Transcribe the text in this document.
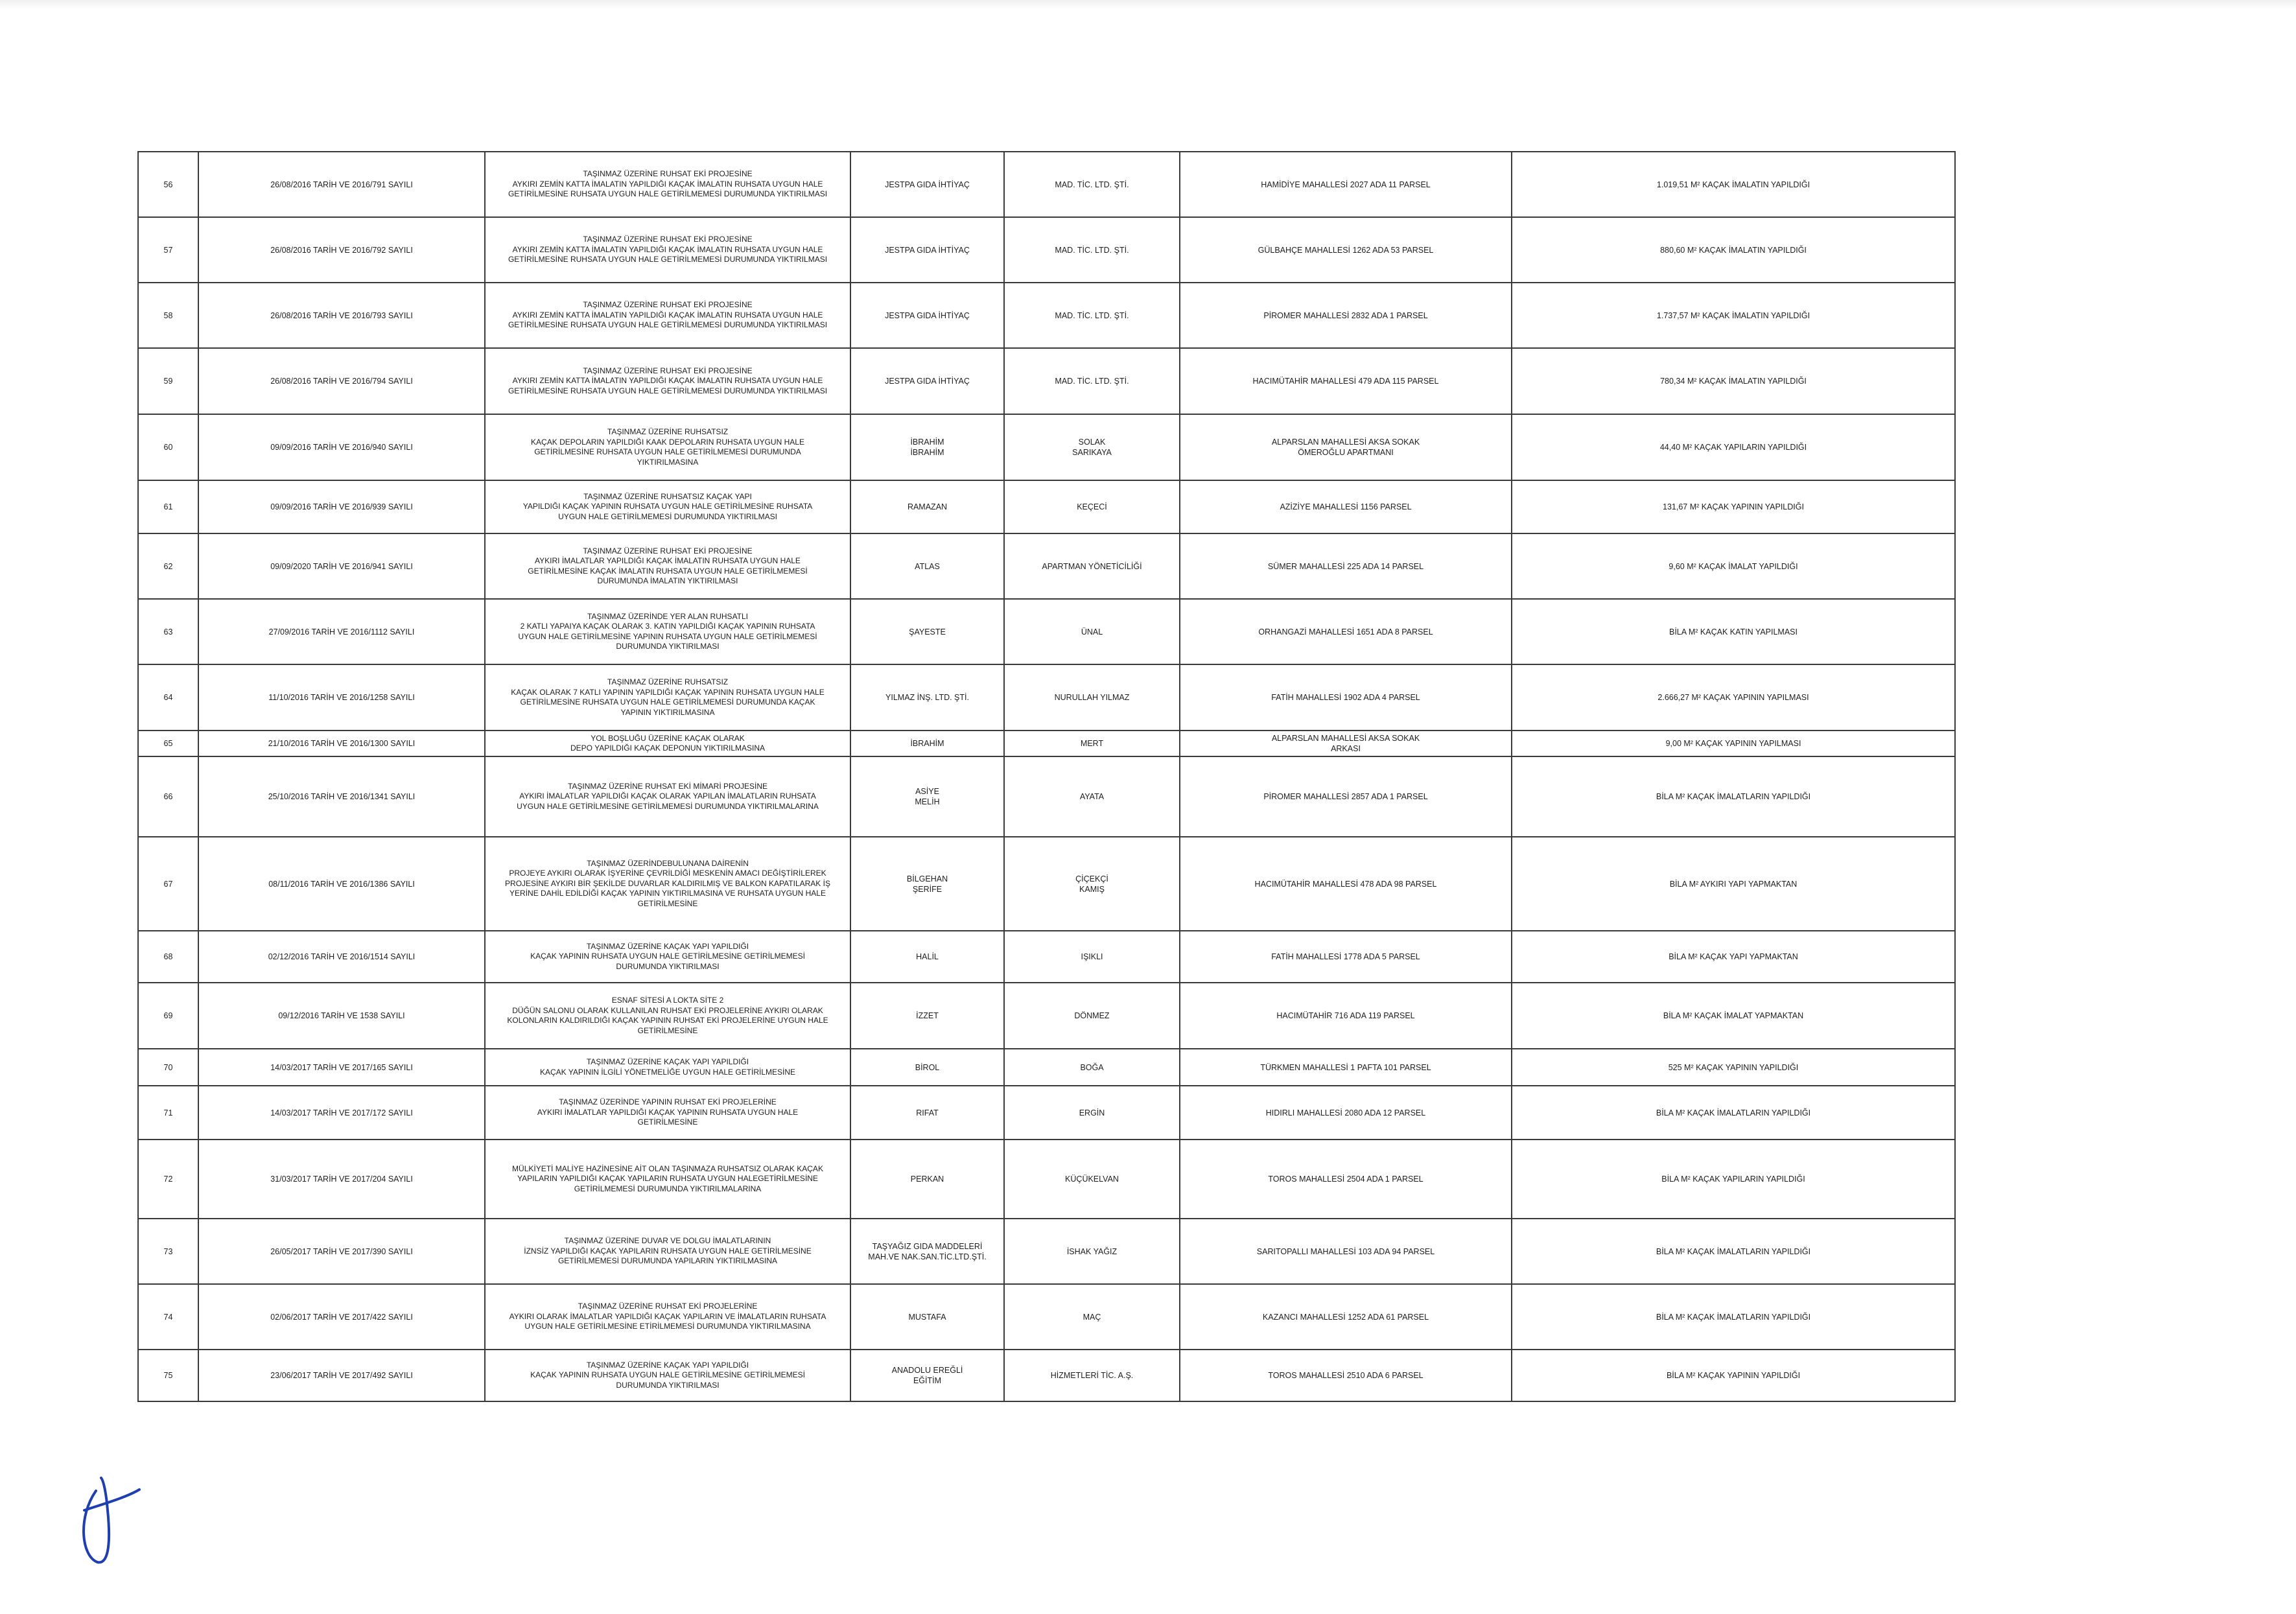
56	26/08/2016 TARİH VE 2016/791 SAYILI	TAŞINMAZ ÜZERİNE RUHSAT EKİ PROJESİNE
AYKIRI ZEMİN KATTA İMALATIN YAPILDIĞI KAÇAK İMALATIN RUHSATA UYGUN HALE
GETİRİLMESİNE RUHSATA UYGUN HALE GETİRİLMEMESİ DURUMUNDA YIKTIRILMASI	JESTPA GIDA İHTİYAÇ	MAD. TİC. LTD. ŞTİ.	HAMİDİYE MAHALLESİ 2027 ADA 11 PARSEL	1.019,51 M² KAÇAK İMALATIN YAPILDIĞI
57	26/08/2016 TARİH VE 2016/792 SAYILI	TAŞINMAZ ÜZERİNE RUHSAT EKİ PROJESİNE
AYKIRI ZEMİN KATTA İMALATIN YAPILDIĞI KAÇAK İMALATIN RUHSATA UYGUN HALE
GETİRİLMESİNE RUHSATA UYGUN HALE GETİRİLMEMESİ DURUMUNDA YIKTIRILMASI	JESTPA GIDA İHTİYAÇ	MAD. TİC. LTD. ŞTİ.	GÜLBAHÇE MAHALLESİ 1262 ADA 53 PARSEL	880,60 M² KAÇAK İMALATIN YAPILDIĞI
58	26/08/2016 TARİH VE 2016/793 SAYILI	TAŞINMAZ ÜZERİNE RUHSAT EKİ PROJESİNE
AYKIRI ZEMİN KATTA İMALATIN YAPILDIĞI KAÇAK İMALATIN RUHSATA UYGUN HALE
GETİRİLMESİNE RUHSATA UYGUN HALE GETİRİLMEMESİ DURUMUNDA YIKTIRILMASI	JESTPA GIDA İHTİYAÇ	MAD. TİC. LTD. ŞTİ.	PİROMER MAHALLESİ 2832 ADA 1 PARSEL	1.737,57 M² KAÇAK İMALATIN YAPILDIĞI
59	26/08/2016 TARİH VE 2016/794 SAYILI	TAŞINMAZ ÜZERİNE RUHSAT EKİ PROJESİNE
AYKIRI ZEMİN KATTA İMALATIN YAPILDIĞI KAÇAK İMALATIN RUHSATA UYGUN HALE
GETİRİLMESİNE RUHSATA UYGUN HALE GETİRİLMEMESİ DURUMUNDA YIKTIRILMASI	JESTPA GIDA İHTİYAÇ	MAD. TİC. LTD. ŞTİ.	HACIMÜTAHİR MAHALLESİ 479 ADA 115 PARSEL	780,34 M² KAÇAK İMALATIN YAPILDIĞI
60	09/09/2016 TARİH VE 2016/940 SAYILI	TAŞINMAZ ÜZERİNE RUHSATSIZ
KAÇAK DEPOLARIN YAPILDIĞI KAAK DEPOLARIN RUHSATA UYGUN HALE
GETİRİLMESİNE RUHSATA UYGUN HALE GETİRİLMEMESİ DURUMUNDA
YIKTIRILMASINA	İBRAHİM
İBRAHİM	SOLAK
SARIKAYA	ALPARSLAN MAHALLESİ AKSA SOKAK
ÖMEROĞLU APARTMANI	44,40 M² KAÇAK YAPILARIN YAPILDIĞI
61	09/09/2016 TARİH VE 2016/939 SAYILI	TAŞINMAZ ÜZERİNE RUHSATSIZ KAÇAK YAPI
YAPILDIĞI KAÇAK YAPININ RUHSATA UYGUN HALE GETİRİLMESİNE RUHSATA
UYGUN HALE GETİRİLMEMESİ DURUMUNDA YIKTIRILMASI	RAMAZAN	KEÇECİ	AZİZİYE MAHALLESİ 1156 PARSEL	131,67 M² KAÇAK YAPININ YAPILDIĞI
62	09/09/2020 TARİH VE 2016/941 SAYILI	TAŞINMAZ ÜZERİNE RUHSAT EKİ PROJESİNE
AYKIRI İMALATLAR YAPILDIĞI KAÇAK İMALATIN RUHSATA UYGUN HALE
GETİRİLMESİNE KAÇAK İMALATIN RUHSATA UYGUN HALE GETİRİLMEMESİ
DURUMUNDA İMALATIN YIKTIRILMASI	ATLAS	APARTMAN YÖNETİCİLİĞİ	SÜMER MAHALLESİ 225 ADA 14 PARSEL	9,60 M² KAÇAK İMALAT YAPILDIĞI
63	27/09/2016 TARİH VE 2016/1112 SAYILI	TAŞINMAZ ÜZERİNDE YER ALAN RUHSATLI
2 KATLI YAPAIYA KAÇAK OLARAK 3. KATIN YAPILDIĞI KAÇAK YAPININ RUHSATA
UYGUN HALE GETİRİLMESİNE YAPININ RUHSATA UYGUN HALE GETİRİLMEMESİ
DURUMUNDA YIKTIRILMASI	ŞAYESTE	ÜNAL	ORHANGAZİ MAHALLESİ 1651 ADA 8 PARSEL	BİLA M² KAÇAK KATIN YAPILMASI
64	11/10/2016 TARİH VE 2016/1258 SAYILI	TAŞINMAZ ÜZERİNE RUHSATSIZ
KAÇAK OLARAK 7 KATLI YAPININ YAPILDIĞI KAÇAK YAPININ RUHSATA UYGUN HALE
GETİRİLMESİNE RUHSATA UYGUN HALE GETİRİLMEMESİ DURUMUNDA KAÇAK
YAPININ YIKTIRILMASINA	YILMAZ İNŞ. LTD. ŞTİ.	NURULLAH YILMAZ	FATİH MAHALLESİ 1902 ADA 4 PARSEL	2.666,27 M² KAÇAK YAPININ YAPILMASI
65	21/10/2016 TARİH VE 2016/1300 SAYILI	YOL BOŞLUĞU ÜZERİNE KAÇAK OLARAK
DEPO YAPILDIĞI KAÇAK DEPONUN YIKTIRILMASINA	İBRAHİM	MERT	ALPARSLAN MAHALLESİ AKSA SOKAK
ARKASI	9,00 M² KAÇAK YAPININ YAPILMASI
66	25/10/2016 TARİH VE 2016/1341 SAYILI	TAŞINMAZ ÜZERİNE RUHSAT EKİ MİMARİ PROJESİNE
AYKIRI İMALATLAR YAPILDIĞI KAÇAK OLARAK YAPILAN İMALATLARIN RUHSATA
UYGUN HALE GETİRİLMESİNE GETİRİLMEMESİ DURUMUNDA YIKTIRILMALARINA	ASİYE
MELİH	AYATA	PİROMER MAHALLESİ 2857 ADA 1 PARSEL	BİLA M² KAÇAK İMALATLARIN YAPILDIĞI
67	08/11/2016 TARİH VE 2016/1386 SAYILI	TAŞINMAZ ÜZERİNDEBULUNANA DAİRENİN
PROJEYE AYKIRI OLARAK İŞYERİNE ÇEVRİLDİĞİ MESKENİN AMACI DEĞİŞTİRİLEREK
PROJESİNE AYKIRI BİR ŞEKİLDE DUVARLAR KALDIRILMIŞ VE BALKON KAPATILARAK İŞ
YERİNE DAHİL EDİLDİĞİ KAÇAK YAPININ YIKTIRILMASINA VE RUHSATA UYGUN HALE
GETİRİLMESİNE	BİLGEHAN
ŞERİFE	ÇİÇEKÇİ
KAMIŞ	HACIMÜTAHİR MAHALLESİ 478 ADA 98 PARSEL	BİLA M² AYKIRI YAPI YAPMAKTAN
68	02/12/2016 TARİH VE 2016/1514 SAYILI	TAŞINMAZ ÜZERİNE KAÇAK YAPI YAPILDIĞI
KAÇAK YAPININ RUHSATA UYGUN HALE GETİRİLMESİNE GETİRİLMEMESİ
DURUMUNDA YIKTIRILMASI	HALİL	IŞIKLI	FATİH MAHALLESİ 1778 ADA 5 PARSEL	BİLA M² KAÇAK YAPI YAPMAKTAN
69	09/12/2016 TARİH VE 1538 SAYILI	ESNAF SİTESİ A LOKTA SİTE 2
DÜĞÜN SALONU OLARAK KULLANILAN RUHSAT EKİ PROJELERİNE AYKIRI OLARAK
KOLONLARIN KALDIRILDIĞI KAÇAK YAPININ RUHSAT EKİ PROJELERİNE UYGUN HALE
GETİRİLMESİNE	İZZET	DÖNMEZ	HACIMÜTAHİR 716 ADA 119 PARSEL	BİLA M² KAÇAK İMALAT YAPMAKTAN
70	14/03/2017 TARİH VE 2017/165 SAYILI	TAŞINMAZ ÜZERİNE KAÇAK YAPI YAPILDIĞI
KAÇAK YAPININ İLGİLİ YÖNETMELİĞE UYGUN HALE GETİRİLMESİNE	BİROL	BOĞA	TÜRKMEN MAHALLESİ 1 PAFTA 101 PARSEL	525 M² KAÇAK YAPININ YAPILDIĞI
71	14/03/2017 TARİH VE 2017/172 SAYILI	TAŞINMAZ ÜZERİNDE YAPININ RUHSAT EKİ PROJELERİNE
AYKIRI İMALATLAR YAPILDIĞI KAÇAK YAPININ RUHSATA UYGUN HALE
GETİRİLMESİNE	RIFAT	ERGİN	HIDIRLI MAHALLESİ 2080 ADA 12 PARSEL	BİLA M² KAÇAK İMALATLARIN YAPILDIĞI
72	31/03/2017 TARİH VE 2017/204 SAYILI	MÜLKİYETİ MALİYE HAZİNESİNE AİT OLAN TAŞINMAZA RUHSATSIZ OLARAK KAÇAK
YAPILARIN YAPILDIĞI KAÇAK YAPILARIN RUHSATA UYGUN HALEGETİRİLMESİNE
GETİRİLMEMESİ DURUMUNDA YIKTIRILMALARINA	PERKAN	KÜÇÜKELVAN	TOROS MAHALLESİ 2504 ADA 1 PARSEL	BİLA M² KAÇAK YAPILARIN YAPILDIĞI
73	26/05/2017 TARİH VE 2017/390 SAYILI	TAŞINMAZ ÜZERİNE DUVAR VE DOLGU İMALATLARININ
İZNSİZ YAPILDIĞI KAÇAK YAPILARIN RUHSATA UYGUN HALE GETİRİLMESİNE
GETİRİLMEMESİ DURUMUNDA YAPILARIN YIKTIRILMASINA	TAŞYAĞIZ GIDA MADDELERİ
MAH.VE NAK.SAN.TİC.LTD.ŞTİ.	İSHAK YAĞIZ	SARITOPALLI MAHALLESİ 103 ADA 94 PARSEL	BİLA M² KAÇAK İMALATLARIN YAPILDIĞI
74	02/06/2017 TARİH VE 2017/422 SAYILI	TAŞINMAZ ÜZERİNE RUHSAT EKİ PROJELERİNE
AYKIRI OLARAK İMALATLAR YAPILDIĞI KAÇAK YAPILARIN VE İMALATLARIN RUHSATA
UYGUN HALE GETİRİLMESİNE ETİRİLMEMESİ DURUMUNDA YIKTIRILMASINA	MUSTAFA	MAÇ	KAZANCI MAHALLESİ 1252 ADA 61 PARSEL	BİLA M² KAÇAK İMALATLARIN YAPILDIĞI
75	23/06/2017 TARİH VE 2017/492 SAYILI	TAŞINMAZ ÜZERİNE KAÇAK YAPI YAPILDIĞI
KAÇAK YAPININ RUHSATA UYGUN HALE GETİRİLMESİNE GETİRİLMEMESİ
DURUMUNDA YIKTIRILMASI	ANADOLU EREĞLİ
EĞİTİM	HİZMETLERİ TİC. A.Ş.	TOROS MAHALLESİ 2510 ADA 6 PARSEL	BİLA M² KAÇAK YAPININ YAPILDIĞI
